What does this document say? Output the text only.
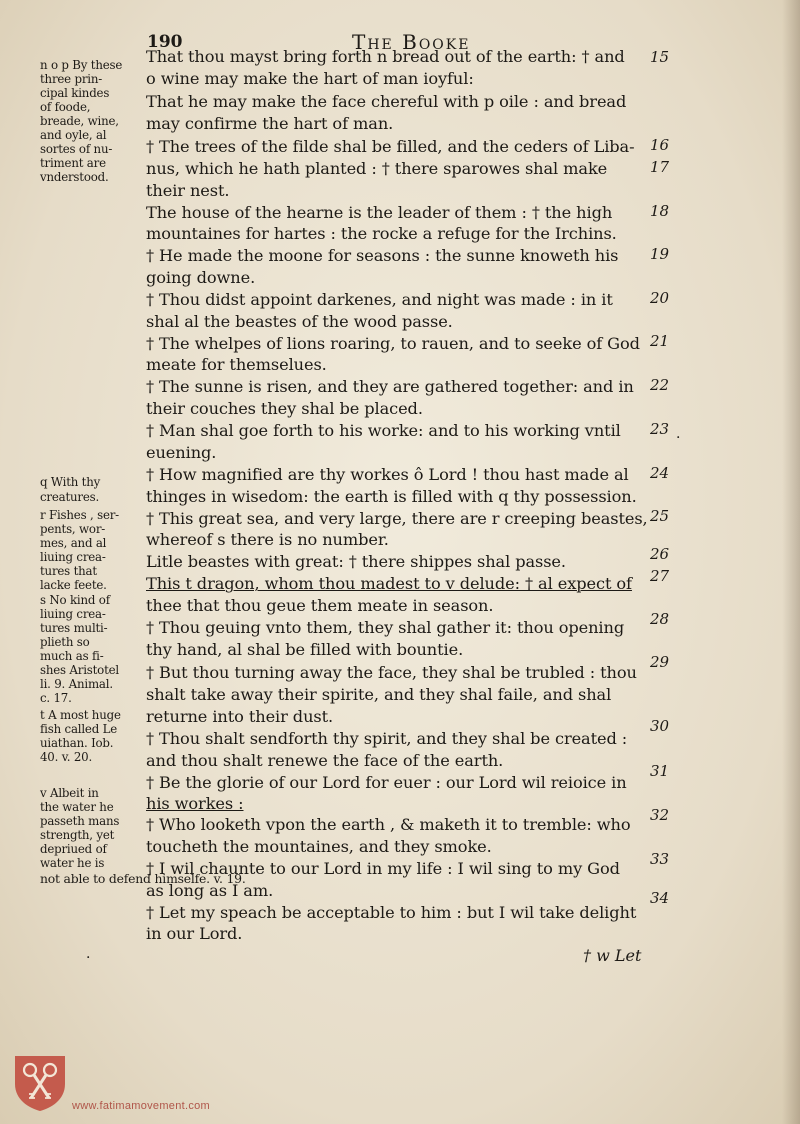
190	The Booke
That thou mayst bring forth n bread out of the earth: † and
o wine may make the hart of man ioyful:
That he may make the face chereful with p oile : and bread
may confirme the hart of man.
† The trees of the filde shal be filled, and the ceders of Liba-
nus, which he hath planted : † there sparowes shal make
their nest.
The house of the hearne is the leader of them : † the high
mountaines for hartes : the rocke a refuge for the Irchins.
† He made the moone for seasons : the sunne knoweth his
going downe.
† Thou didst appoint darkenes, and night was made : in it
shal al the beastes of the wood passe.
† The whelpes of lions roaring, to rauen, and to seeke of God
meate for themselues.
† The sunne is risen, and they are gathered together: and in
their couches they shal be placed.
† Man shal goe forth to his worke: and to his working vntil
euening.
† How magnified are thy workes ô Lord ! thou hast made al
thinges in wisedom: the earth is filled with q thy possession.
† This great sea, and very large, there are r creeping beastes,
whereof s there is no number.
Litle beastes with great: † there shippes shal passe.
This t dragon, whom thou madest to v delude: † al expect of
thee that thou geue them meate in season.
† Thou geuing vnto them, they shal gather it: thou opening
thy hand, al shal be filled with bountie.
† But thou turning away the face, they shal be trubled : thou
shalt take away their spirite, and they shal faile, and shal
returne into their dust.
† Thou shalt sendforth thy spirit, and they shal be created :
and thou shalt renewe the face of the earth.
† Be the glorie of our Lord for euer : our Lord wil reioice in
his workes :
† Who looketh vpon the earth , & maketh it to tremble: who
toucheth the mountaines, and they smoke.
† I wil chaunte to our Lord in my life : I wil sing to my God
as long as I am.
† Let my speach be acceptable to him : but I wil take delight
in our Lord.
15
16
17
18
19
20
21
22
23
24
25
26
27
28
29
30
31
32
33
34
n o p By these
three prin-
cipal kindes
of foode,
breade, wine,
and oyle, al
sortes of nu-
triment are
vnderstood.
q With thy
creatures.
r Fishes , ser-
pents, wor-
mes, and al
liuing crea-
tures that
lacke feete.
s No kind of
liuing crea-
tures multi-
plieth so
much as fi-
shes Aristotel
li. 9. Animal.
c. 17.
t A most huge
fish called Le
uiathan. Iob.
40. v. 20.
v Albeit in
the water he
passeth mans
strength, yet
depriued of
water he is
not able to defend himselfe. v. 19.
·
·
† w Let
www.fatimamovement.com
